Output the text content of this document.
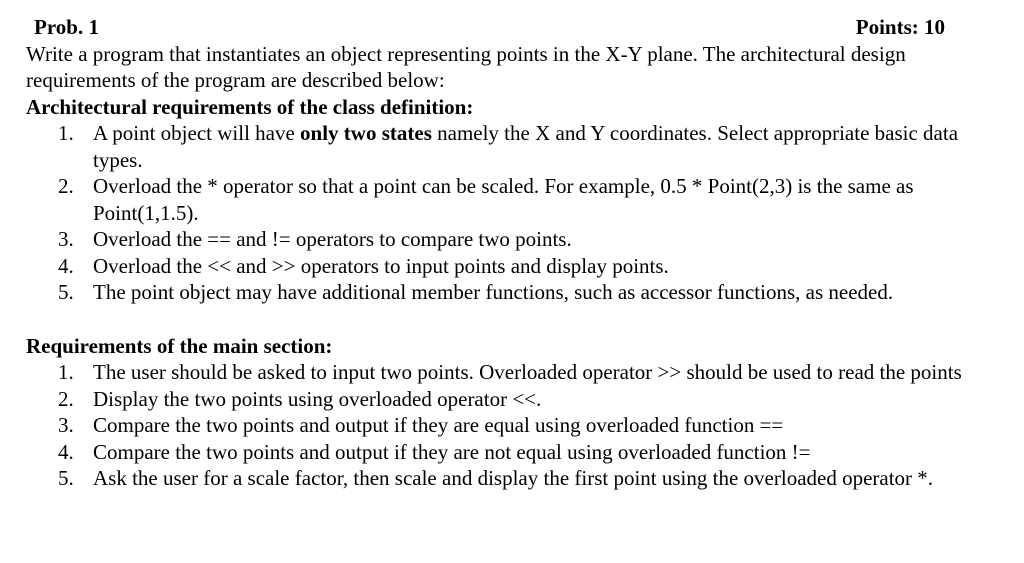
Prob. 1	Points: 10

Write a program that instantiates an object representing points in the X-Y plane. The architectural design requirements of the program are described below:

Architectural requirements of the class definition:

1. A point object will have only two states namely the X and Y coordinates. Select appropriate basic data types.
2. Overload the * operator so that a point can be scaled. For example, 0.5 * Point(2,3) is the same as Point(1,1.5).
3. Overload the == and != operators to compare two points.
4. Overload the << and >> operators to input points and display points.
5. The point object may have additional member functions, such as accessor functions, as needed.

Requirements of the main section:

1. The user should be asked to input two points. Overloaded operator >> should be used to read the points
2. Display the two points using overloaded operator <<.
3. Compare the two points and output if they are equal using overloaded function ==
4. Compare the two points and output if they are not equal using overloaded function !=
5. Ask the user for a scale factor, then scale and display the first point using the overloaded operator *.
